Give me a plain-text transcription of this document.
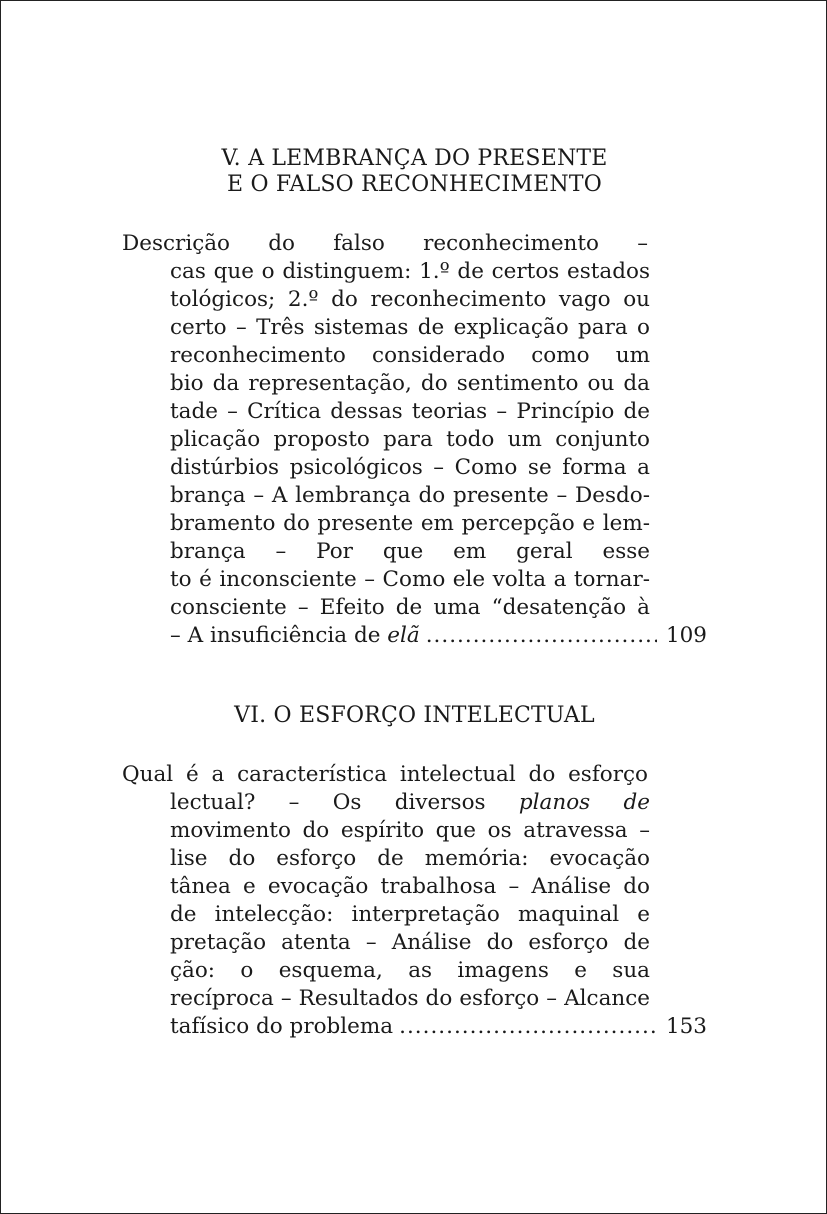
V. A LEMBRANÇA DO PRESENTE
E O FALSO RECONHECIMENTO
Descrição do falso reconhecimento –
cas que o distinguem: 1.º de certos estados
tológicos; 2.º do reconhecimento vago ou
certo – Três sistemas de explicação para o
reconhecimento considerado como um
bio da representação, do sentimento ou da
tade – Crítica dessas teorias – Princípio de
plicação proposto para todo um conjunto
distúrbios psicológicos – Como se forma a
brança – A lembrança do presente – Desdo-
bramento do presente em percepção e lem-
brança – Por que em geral esse
to é inconsciente – Como ele volta a tornar-
consciente – Efeito de uma “desatenção à
– A insuficiência de elã .....	109
VI. O ESFORÇO INTELECTUAL
Qual é a característica intelectual do esforço
lectual? – Os diversos planos de
movimento do espírito que os atravessa –
lise do esforço de memória: evocação
tânea e evocação trabalhosa – Análise do
de intelecção: interpretação maquinal e
pretação atenta – Análise do esforço de
ção: o esquema, as imagens e sua
recíproca – Resultados do esforço – Alcance
tafísico do problema .....	153
